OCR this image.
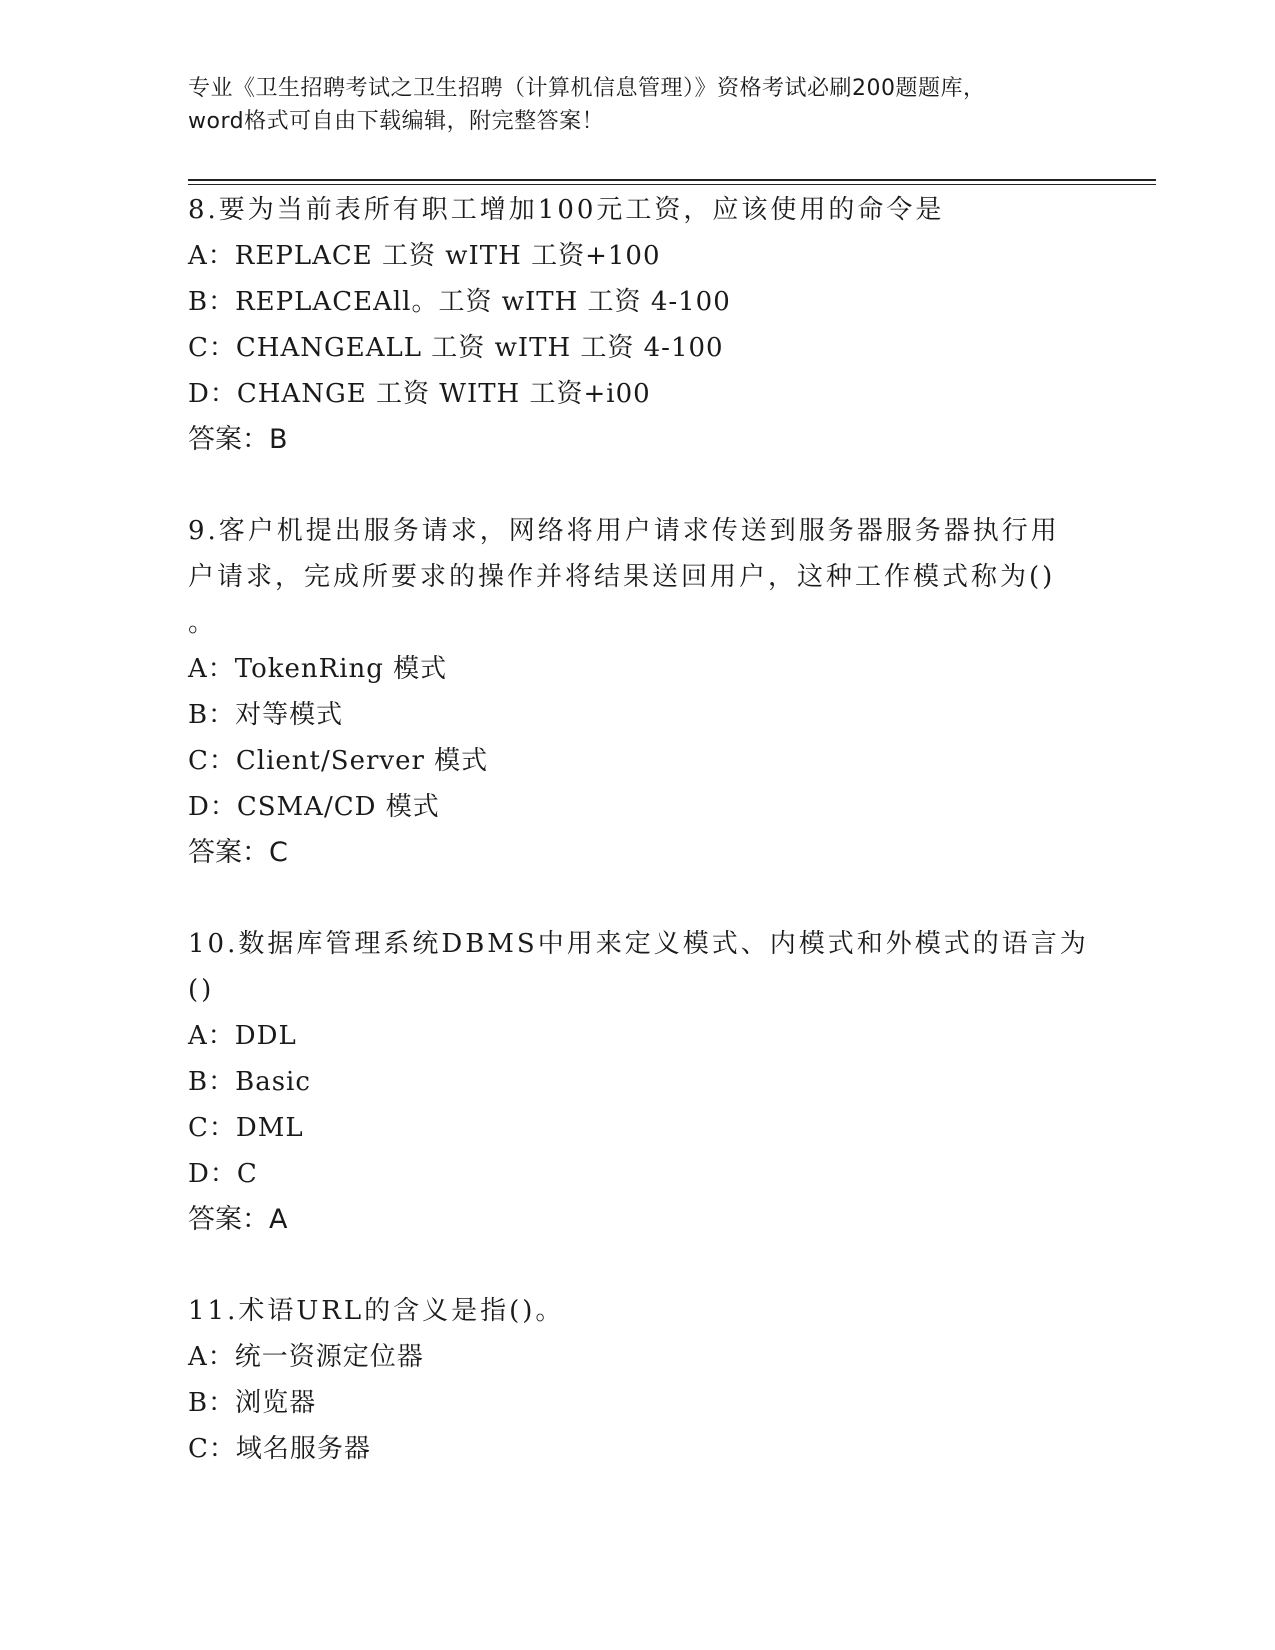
专业《卫生招聘考试之卫生招聘（计算机信息管理）》资格考试必刷200题题库，
word格式可自由下载编辑，附完整答案！
8.要为当前表所有职工增加100元工资，应该使用的命令是
A：REPLACE 工资 wITH 工资+100
B：REPLACEAll。工资 wITH 工资 4-100
C：CHANGEALL 工资 wITH 工资 4-100
D：CHANGE 工资 WITH 工资+i00
答案：B
9.客户机提出服务请求，网络将用户请求传送到服务器服务器执行用
户请求，完成所要求的操作并将结果送回用户，这种工作模式称为()
。
A：TokenRing 模式
B：对等模式
C：Client/Server 模式
D：CSMA/CD 模式
答案：C
10.数据库管理系统DBMS中用来定义模式、内模式和外模式的语言为
()
A：DDL
B：Basic
C：DML
D：C
答案：A
11.术语URL的含义是指()。
A：统一资源定位器
B：浏览器
C：域名服务器
